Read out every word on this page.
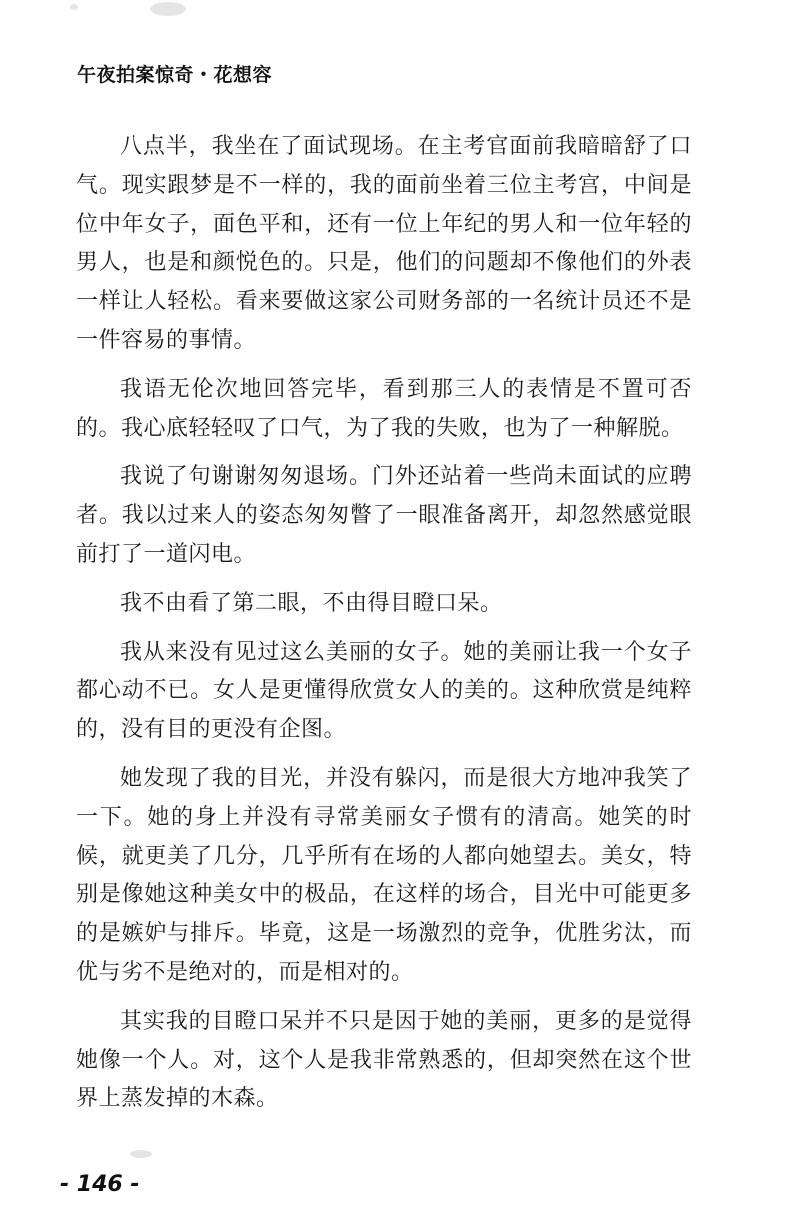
午夜拍案惊奇・花想容

八点半，我坐在了面试现场。在主考官面前我暗暗舒了口气。现实跟梦是不一样的，我的面前坐着三位主考宫，中间是位中年女子，面色平和，还有一位上年纪的男人和一位年轻的男人，也是和颜悦色的。只是，他们的问题却不像他们的外表一样让人轻松。看来要做这家公司财务部的一名统计员还不是一件容易的事情。

我语无伦次地回答完毕，看到那三人的表情是不置可否的。我心底轻轻叹了口气，为了我的失败，也为了一种解脱。

我说了句谢谢匆匆退场。门外还站着一些尚未面试的应聘者。我以过来人的姿态匆匆瞥了一眼准备离开，却忽然感觉眼前打了一道闪电。

我不由看了第二眼，不由得目瞪口呆。

我从来没有见过这么美丽的女子。她的美丽让我一个女子都心动不已。女人是更懂得欣赏女人的美的。这种欣赏是纯粹的，没有目的更没有企图。

她发现了我的目光，并没有躲闪，而是很大方地冲我笑了一下。她的身上并没有寻常美丽女子惯有的清高。她笑的时候，就更美了几分，几乎所有在场的人都向她望去。美女，特别是像她这种美女中的极品，在这样的场合，目光中可能更多的是嫉妒与排斥。毕竟，这是一场激烈的竞争，优胜劣汰，而优与劣不是绝对的，而是相对的。

其实我的目瞪口呆并不只是因于她的美丽，更多的是觉得她像一个人。对，这个人是我非常熟悉的，但却突然在这个世界上蒸发掉的木森。

- 146 -
